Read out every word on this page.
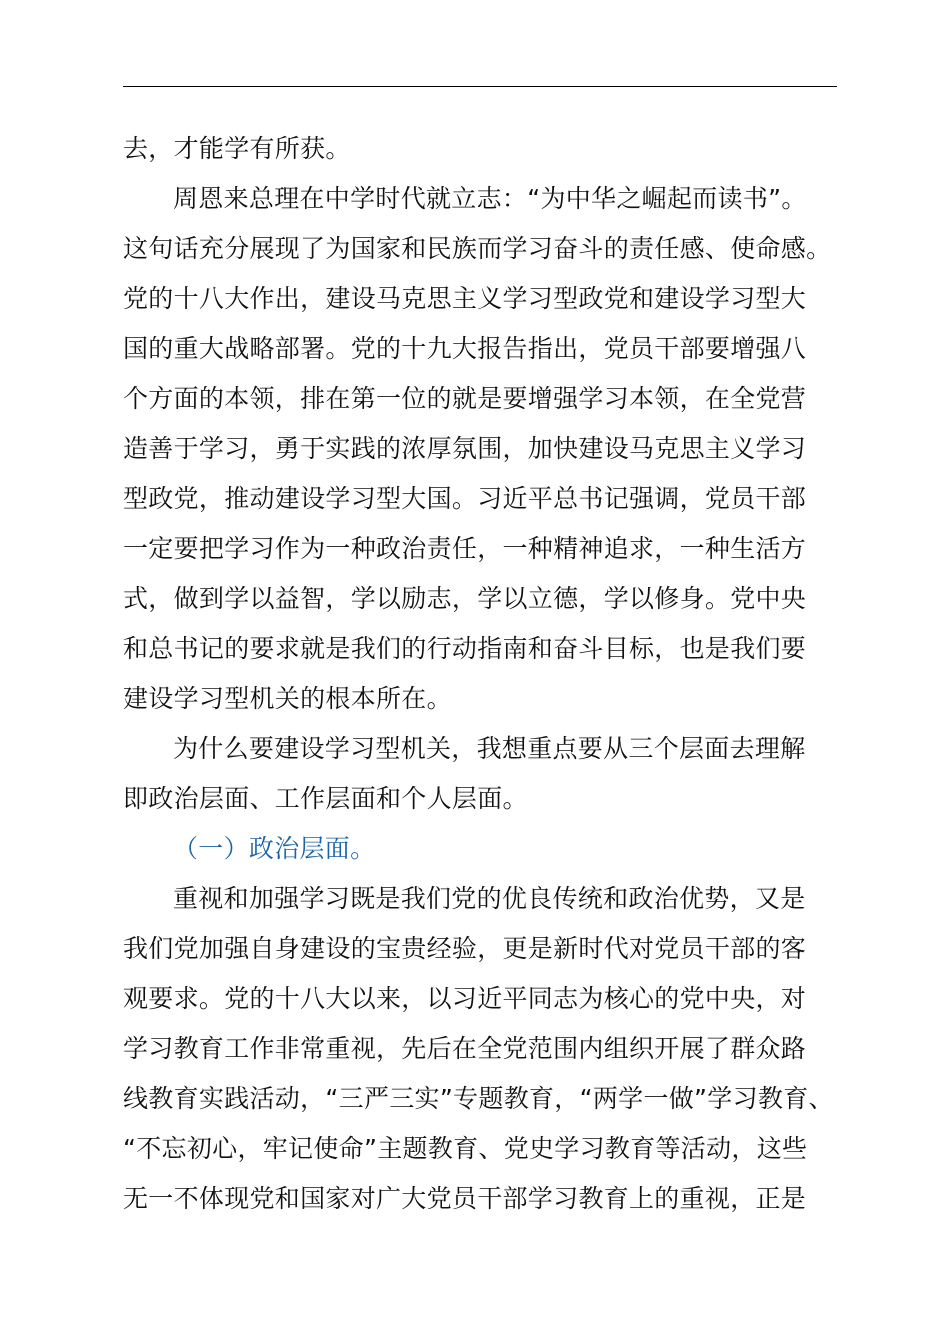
去，才能学有所获。
周恩来总理在中学时代就立志：“为中华之崛起而读书”。
这句话充分展现了为国家和民族而学习奋斗的责任感、使命感。
党的十八大作出，建设马克思主义学习型政党和建设学习型大
国的重大战略部署。党的十九大报告指出，党员干部要增强八
个方面的本领，排在第一位的就是要增强学习本领，在全党营
造善于学习，勇于实践的浓厚氛围，加快建设马克思主义学习
型政党，推动建设学习型大国。习近平总书记强调，党员干部
一定要把学习作为一种政治责任，一种精神追求，一种生活方
式，做到学以益智，学以励志，学以立德，学以修身。党中央
和总书记的要求就是我们的行动指南和奋斗目标，也是我们要
建设学习型机关的根本所在。
为什么要建设学习型机关，我想重点要从三个层面去理解
即政治层面、工作层面和个人层面。
（一）政治层面。
重视和加强学习既是我们党的优良传统和政治优势，又是
我们党加强自身建设的宝贵经验，更是新时代对党员干部的客
观要求。党的十八大以来，以习近平同志为核心的党中央，对
学习教育工作非常重视，先后在全党范围内组织开展了群众路
线教育实践活动，“三严三实”专题教育，“两学一做”学习教育、
“不忘初心，牢记使命”主题教育、党史学习教育等活动，这些
无一不体现党和国家对广大党员干部学习教育上的重视，正是
